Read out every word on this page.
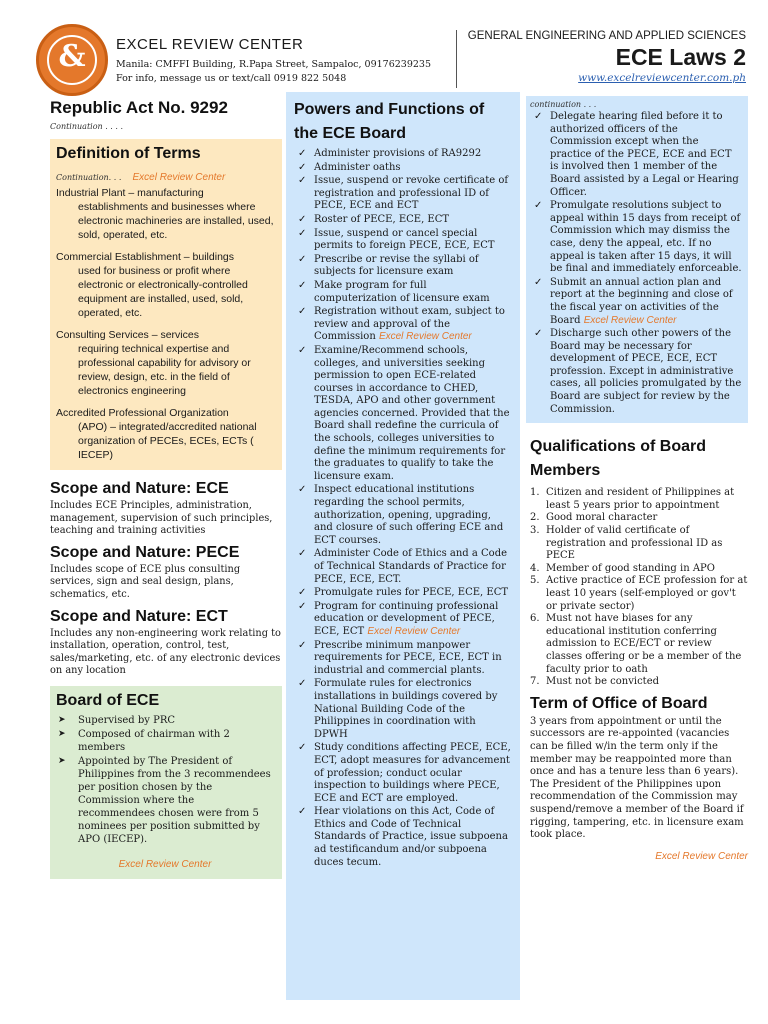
&	EXCEL REVIEW CENTER
Manila: CMFFI Building, R.Papa Street, Sampaloc, 09176239235
For info, message us or text/call 0919 822 5048
GENERAL ENGINEERING AND APPLIED SCIENCES
ECE Laws 2
www.excelreviewcenter.com.ph
Republic Act No. 9292
Continuation . . . .
Definition of Terms
Continuation. . . Excel Review Center
Industrial Plant – manufacturing
establishments and businesses where electronic machineries are installed, used, sold, operated, etc.
Commercial Establishment – buildings
used for business or profit where electronic or electronically-controlled equipment are installed, used, sold, operated, etc.
Consulting Services – services
requiring technical expertise and professional capability for advisory or review, design, etc. in the field of electronics engineering
Accredited Professional Organization
(APO) – integrated/accredited national organization of PECEs, ECEs, ECTs ( IECEP)
Scope and Nature: ECE
Includes ECE Principles, administration, management, supervision of such principles, teaching and training activities
Scope and Nature: PECE
Includes scope of ECE plus consulting services, sign and seal design, plans, schematics, etc.
Scope and Nature: ECT
Includes any non-engineering work relating to installation, operation, control, test, sales/marketing, etc. of any electronic devices on any location
Board of ECE
➤ Supervised by PRC
➤ Composed of chairman with 2 members
➤ Appointed by The President of Philippines from the 3 recommendees per position chosen by the Commission where the recommendees chosen were from 5 nominees per position submitted by APO (IECEP).
Excel Review Center
Powers and Functions of the ECE Board
✓ Administer provisions of RA9292
✓ Administer oaths
✓ Issue, suspend or revoke certificate of registration and professional ID of PECE, ECE and ECT
✓ Roster of PECE, ECE, ECT
✓ Issue, suspend or cancel special permits to foreign PECE, ECE, ECT
✓ Prescribe or revise the syllabi of subjects for licensure exam
✓ Make program for full computerization of licensure exam
✓ Registration without exam, subject to review and approval of the Commission Excel Review Center
✓ Examine/Recommend schools, colleges, and universities seeking permission to open ECE-related courses in accordance to CHED, TESDA, APO and other government agencies concerned. Provided that the Board shall redefine the curricula of the schools, colleges universities to define the minimum requirements for the graduates to qualify to take the licensure exam.
✓ Inspect educational institutions regarding the school permits, authorization, opening, upgrading, and closure of such offering ECE and ECT courses.
✓ Administer Code of Ethics and a Code of Technical Standards of Practice for PECE, ECE, ECT.
✓ Promulgate rules for PECE, ECE, ECT
✓ Program for continuing professional education or development of PECE, ECE, ECT Excel Review Center
✓ Prescribe minimum manpower requirements for PECE, ECE, ECT in industrial and commercial plants.
✓ Formulate rules for electronics installations in buildings covered by National Building Code of the Philippines in coordination with DPWH
✓ Study conditions affecting PECE, ECE, ECT, adopt measures for advancement of profession; conduct ocular inspection to buildings where PECE, ECE and ECT are employed.
✓ Hear violations on this Act, Code of Ethics and Code of Technical Standards of Practice, issue subpoena ad testificandum and/or subpoena duces tecum.
continuation . . .
✓ Delegate hearing filed before it to authorized officers of the Commission except when the practice of the PECE, ECE and ECT is involved then 1 member of the Board assisted by a Legal or Hearing Officer.
✓ Promulgate resolutions subject to appeal within 15 days from receipt of Commission which may dismiss the case, deny the appeal, etc. If no appeal is taken after 15 days, it will be final and immediately enforceable.
✓ Submit an annual action plan and report at the beginning and close of the fiscal year on activities of the Board Excel Review Center
✓ Discharge such other powers of the Board may be necessary for development of PECE, ECE, ECT profession. Except in administrative cases, all policies promulgated by the Board are subject for review by the Commission.
Qualifications of Board Members
1. Citizen and resident of Philippines at least 5 years prior to appointment
2. Good moral character
3. Holder of valid certificate of registration and professional ID as PECE
4. Member of good standing in APO
5. Active practice of ECE profession for at least 10 years (self-employed or gov't or private sector)
6. Must not have biases for any educational institution conferring admission to ECE/ECT or review classes offering or be a member of the faculty prior to oath
7. Must not be convicted
Term of Office of Board
3 years from appointment or until the successors are re-appointed (vacancies can be filled w/in the term only if the member may be reappointed more than once and has a tenure less than 6 years). The President of the Philippines upon recommendation of the Commission may suspend/remove a member of the Board if rigging, tampering, etc. in licensure exam took place.
Excel Review Center
